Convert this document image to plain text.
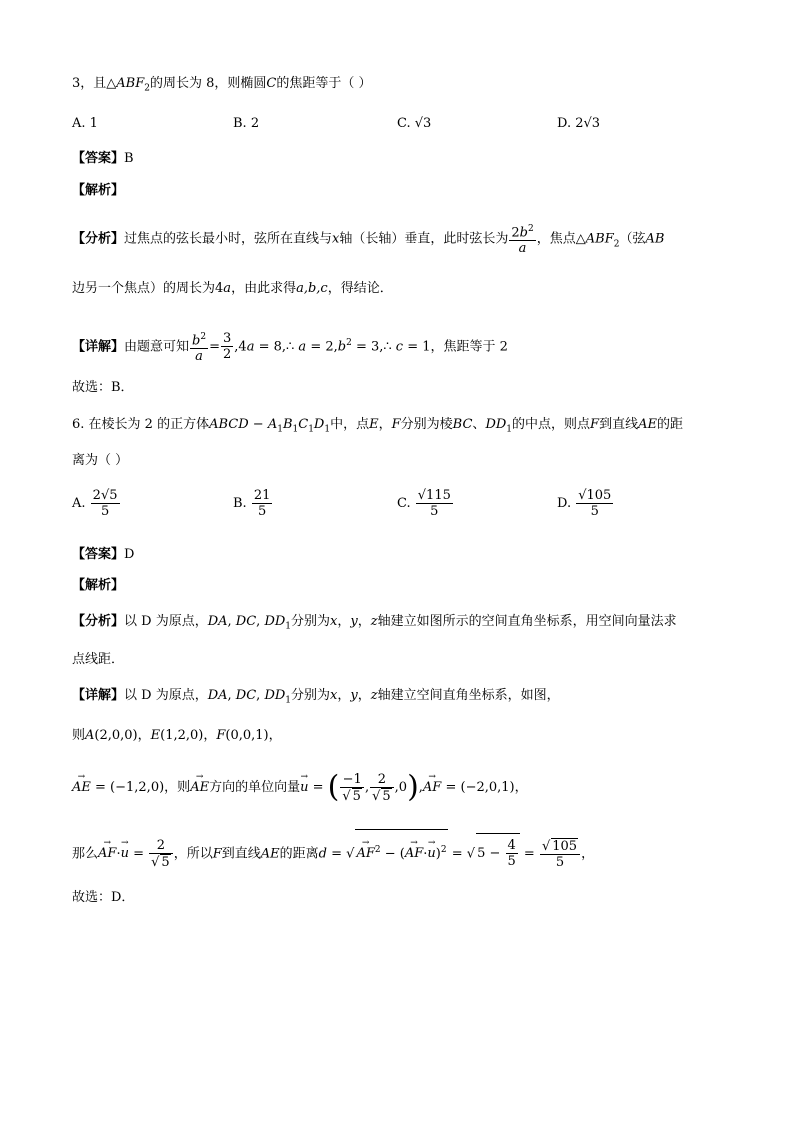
3，且$\triangle ABF_2$的周长为 8，则椭圆C的焦距等于（ ）
A. 1	B. 2	C. √3	D. 2√3
【答案】B
【解析】
【分析】过焦点的弦长最小时，弦所在直线与x轴（长轴）垂直，此时弦长为 $\frac{2b^2}{a}$ ，焦点$\triangle ABF_2$（弦AB
边另一个焦点）的周长为4a，由此求得a,b,c，得结论．
【详解】由题意可知 $\frac{b^2}{a} = \frac{3}{2} ,4a$ = 8,∴ $a = 2,b^2$ = 3,∴ c = 1，焦距等于 2
故选：B．
6. 在棱长为 2 的正方体ABCD − $A_1B_1C_1D_1$中，点E，F分别为棱BC、$DD_1$的中点，则点F到直线AE的距
离为（ ）
A. $\frac{2√5}{5}$	B. $\frac{21}{5}$	C. $\frac{√115}{5}$	D. $\frac{√105}{5}$
【答案】D
【解析】
【分析】以 D 为原点，DA, DC, $DD_1$分别为x，y，z轴建立如图所示的空间直角坐标系，用空间向量法求
点线距．
【详解】以 D 为原点，DA, DC, $DD_1$分别为x，y，z轴建立空间直角坐标系，如图，
则A(2,0,0)，E(1,2,0)，F(0,0,1)，
AE
→
= (−1,2,0)，则AE
→
方向的单位向量u
→
= ( $\frac{-1}{√ 5}$ , $\frac{2}{√ 5} ,0),AF$
→
= (−2,0,1)，
那么AF
→
·u
→
= $\frac{2}{√ 5}$ ，所以F到直线AE的距离d = √ AF
→
$^2$ − (AF
→
·u
→
)$^2$ = √ $5 - \frac{4}{5} = \frac{√ 105}{5}$ ，
故选：D．
